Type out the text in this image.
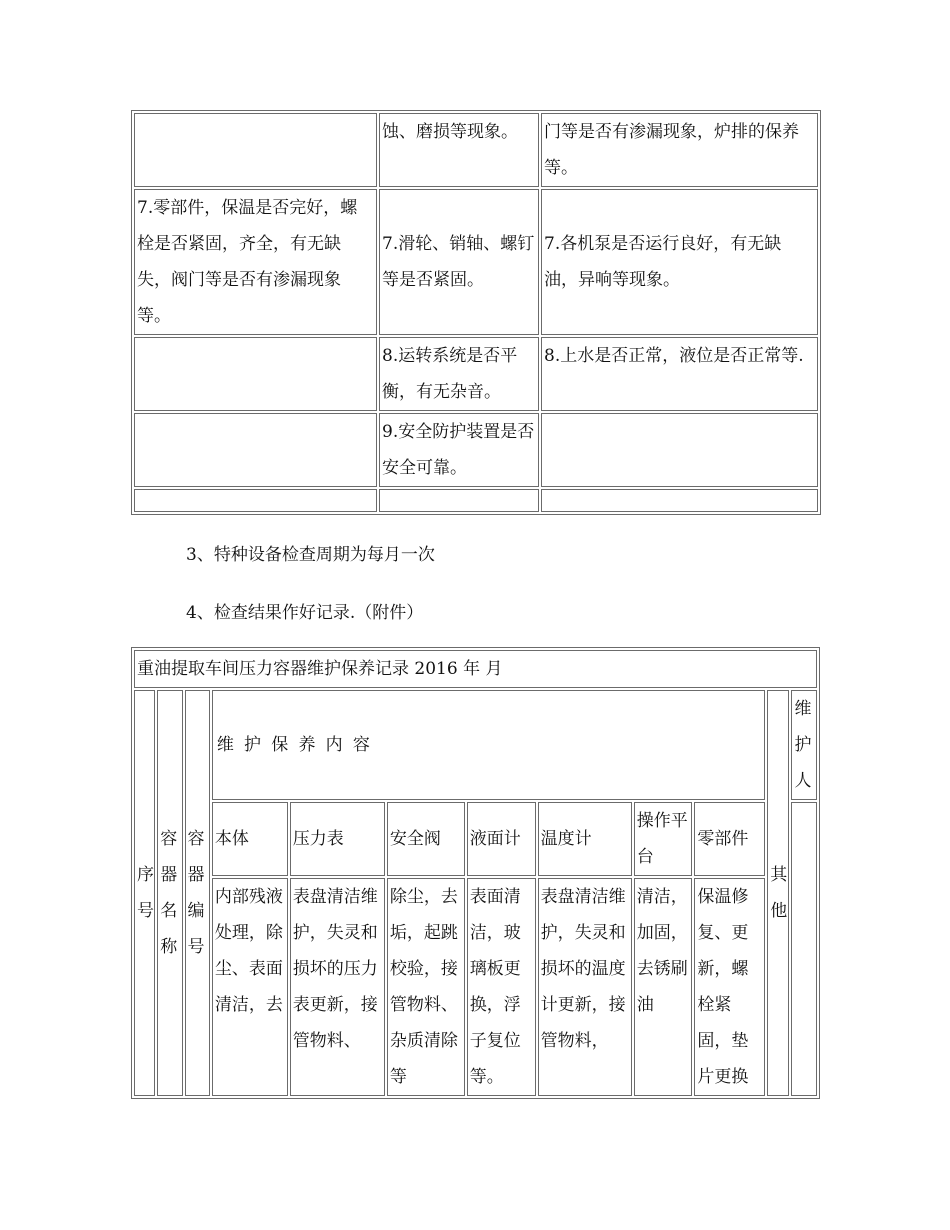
	蚀、磨损等现象。	门等是否有渗漏现象，炉排的保养等。
7.零部件，保温是否完好，螺栓是否紧固，齐全，有无缺失，阀门等是否有渗漏现象等。	7.滑轮、销轴、螺钉等是否紧固。	7.各机泵是否运行良好，有无缺油，异响等现象。
	8.运转系统是否平衡，有无杂音。	8.上水是否正常，液位是否正常等.
	9.安全防护装置是否安全可靠。	

3、特种设备检查周期为每月一次
4、检查结果作好记录.（附件）
重油提取车间压力容器维护保养记录 2016 年 月											
序号	容器名称	容器编号	维护保养内容							其他	维护人
			本体	压力表	安全阀	液面计	温度计	操作平台	零部件		
			内部残液处理，除尘、表面清洁，去	表盘清洁维护，失灵和损坏的压力表更新，接管物料、	除尘，去垢，起跳校验，接管物料、杂质清除等	表面清洁，玻璃板更换，浮子复位等。	表盘清洁维护，失灵和损坏的温度计更新，接管物料，	清洁，加固，去锈刷油	保温修复、更新，螺栓紧固，垫片更换		
